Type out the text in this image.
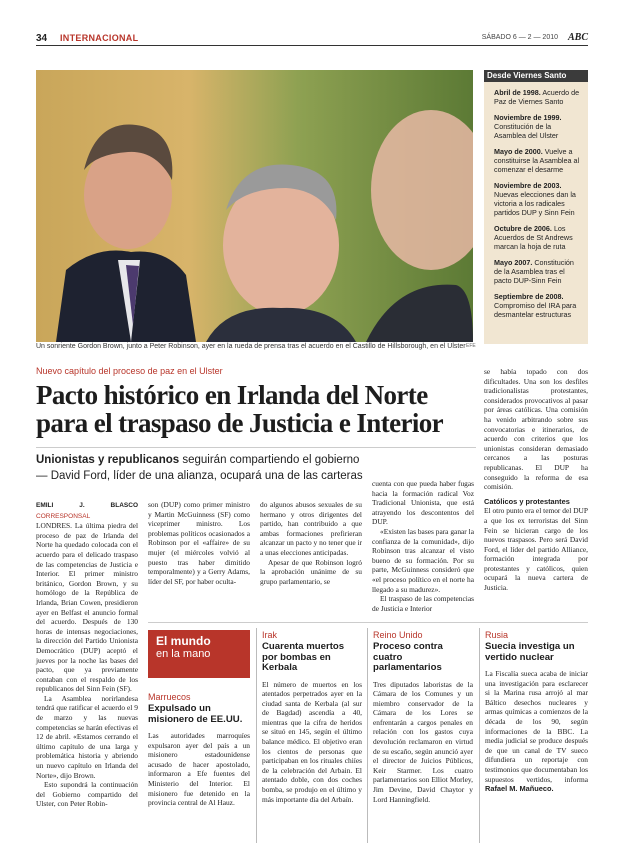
34 INTERNACIONAL	SÁBADO 6 — 2 — 2010 ABC
Un sonriente Gordon Brown, junto a Peter Robinson, ayer en la rueda de prensa tras el acuerdo en el Castillo de Hillsborough, en el Ulster EFE
Desde Viernes Santo
Abril de 1998. Acuerdo de Paz de Viernes Santo
Noviembre de 1999. Constitución de la Asamblea del Ulster
Mayo de 2000. Vuelve a constituirse la Asamblea al comenzar el desarme
Noviembre de 2003. Nuevas elecciones dan la victoria a los radicales partidos DUP y Sinn Fein
Octubre de 2006. Los Acuerdos de St Andrews marcan la hoja de ruta
Mayo 2007. Constitución de la Asamblea tras el pacto DUP-Sinn Fein
Septiembre de 2008. Compromiso del IRA para desmantelar estructuras
Nuevo capítulo del proceso de paz en el Ulster
Pacto histórico en Irlanda del Norte para el traspaso de Justicia e Interior
Unionistas y republicanos seguirán compartiendo el gobierno — David Ford, líder de una alianza, ocupará una de las carteras

EMILI J. BLASCO CORRESPONSAL

LONDRES. La última piedra del proceso de paz de Irlanda del Norte ha quedado colocada con el acuerdo para el delicado traspaso de las competencias de Justicia e Interior. El primer ministro británico, Gordon Brown, y su homólogo de la República de Irlanda, Brian Cowen, presidieron ayer en Belfast el anuncio formal del acuerdo. Después de 130 horas de intensas negociaciones, la dirección del Partido Unionista Democrático (DUP) aceptó el jueves por la noche las bases del pacto, que ya previamente contaban con el respaldo de los republicanos del Sinn Fein (SF).

La Asamblea norirlandesa tendrá que ratificar el acuerdo el 9 de marzo y las nuevas competencias se harán efectivas el 12 de abril. «Estamos cerrando el último capítulo de una larga y problemática historia y abriendo un nuevo capítulo en Irlanda del Norte», dijo Brown.

Esto supondrá la continuación del Gobierno compartido del Ulster, con Peter Robin-

son (DUP) como primer ministro y Martin McGuinness (SF) como viceprimer ministro. Los problemas políticos ocasionados a Robinson por el «affaire» de su mujer (el miércoles volvió al puesto tras haber dimitido temporalmente) y a Gerry Adams, líder del SF, por haber oculta-

do algunos abusos sexuales de su hermano y otros dirigentes del partido, han contribuido a que ambas formaciones prefirieran alcanzar un pacto y no tener que ir a unas elecciones anticipadas.

Apesar de que Robinson logró la aprobación unánime de su grupo parlamentario, se

cuenta con que pueda haber fugas hacia la formación radical Voz Tradicional Unionista, que está atrayendo los descontentos del DUP.

«Existen las bases para ganar la confianza de la comunidad», dijo Robinson tras alcanzar el visto bueno de su formación. Por su parte, McGuinness consideró que «el proceso político en el norte ha llegado a su madurez».

El traspaso de las competencias de Justicia e Interior

se había topado con dos dificultades. Una son los desfiles tradicionalistas protestantes, considerados provocativos al pasar por áreas católicas. Una comisión ha venido arbitrando sobre sus convocatorias e itinerarios, de acuerdo con criterios que los unionistas consideran demasiado cercanos a las posturas republicanas. El DUP ha conseguido la reforma de esa comisión.

Católicos y protestantes

El otro punto era el temor del DUP a que los ex terroristas del Sinn Fein se hicieran cargo de los nuevos traspasos. Pero será David Ford, el líder del partido Alliance, formación integrada por protestantes y católicos, quien ocupará la nueva cartera de Justicia.

El mundo
en la mano
Marruecos
Expulsado un misionero de EE.UU.
Las autoridades marroquíes expulsaron ayer del país a un misionero estadounidense acusado de hacer apostolado, informaron a Efe fuentes del Ministerio del Interior. El misionero fue detenido en la provincia central de Al Hauz.
Irak
Cuarenta muertos por bombas en Kerbala
El número de muertos en los atentados perpetrados ayer en la ciudad santa de Kerbala (al sur de Bagdad) ascendía a 40, mientras que la cifra de heridos se situó en 145, según el último balance médico. El objetivo eran los cientos de personas que participaban en los rituales chiíes de la celebración del Arbain. El atentado doble, con dos coches bomba, se produjo en el último y más importante día del Arbaín.
Reino Unido
Proceso contra cuatro parlamentarios
Tres diputados laboristas de la Cámara de los Comunes y un miembro conservador de la Cámara de los Lores se enfrentarán a cargos penales en relación con los gastos cuya devolución reclamaron en virtud de su escaño, según anunció ayer el director de Juicios Públicos, Keir Starmer. Los cuatro parlamentarios son Elliot Morley, Jim Devine, David Chaytor y Lord Hanningfield.
Rusia
Suecia investiga un vertido nuclear
La Fiscalía sueca acaba de iniciar una investigación para esclarecer si la Marina rusa arrojó al mar Báltico desechos nucleares y armas químicas a comienzos de la década de los 90, según informaciones de la BBC. La media judicial se produce después de que un canal de TV sueco difundiera un reportaje con testimonios que documentaban los supuestos vertidos, informa Rafael M. Mañueco.
